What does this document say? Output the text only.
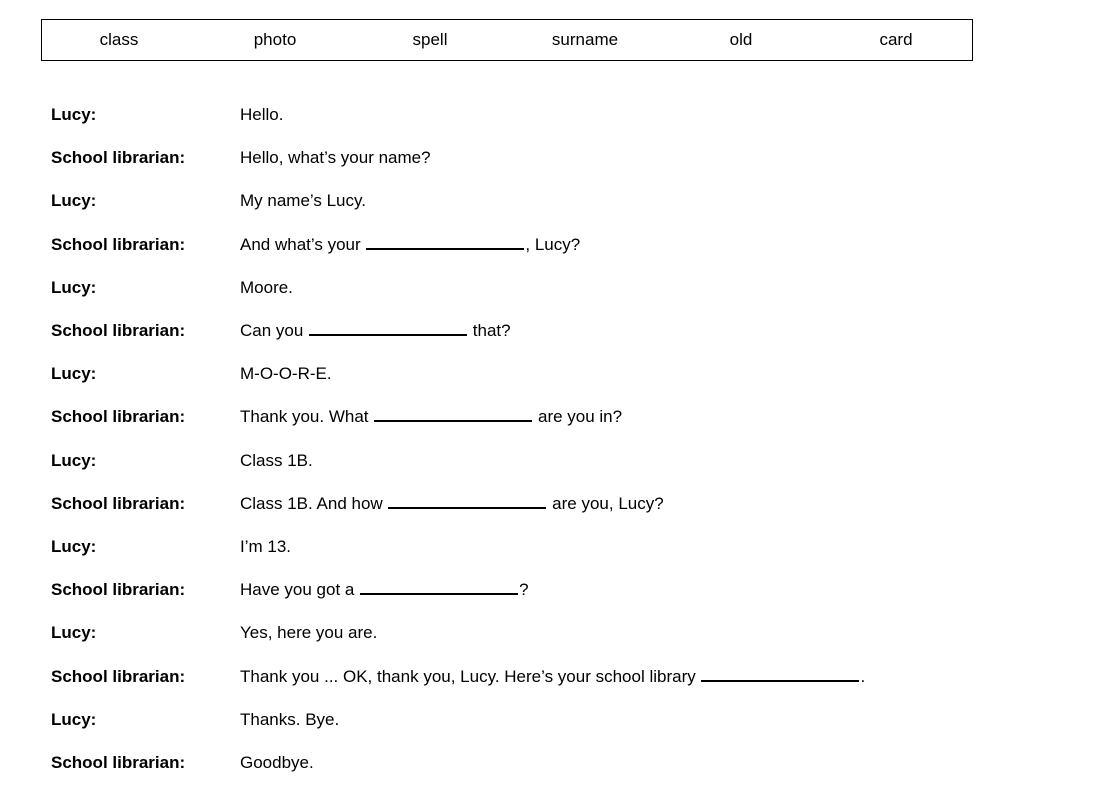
class	photo	spell	surname	old	card
Lucy:	Hello.
School librarian:	Hello, what’s your name?
Lucy:	My name’s Lucy.
School librarian:	And what’s your	, Lucy?
Lucy:	Moore.
School librarian:	Can you	that?
Lucy:	M-O-O-R-E.
School librarian:	Thank you. What	are you in?
Lucy:	Class 1B.
School librarian:	Class 1B. And how	are you, Lucy?
Lucy:	I’m 13.
School librarian:	Have you got a	?
Lucy:	Yes, here you are.
School librarian:	Thank you ... OK, thank you, Lucy. Here’s your school library	.
Lucy:	Thanks. Bye.
School librarian:	Goodbye.
